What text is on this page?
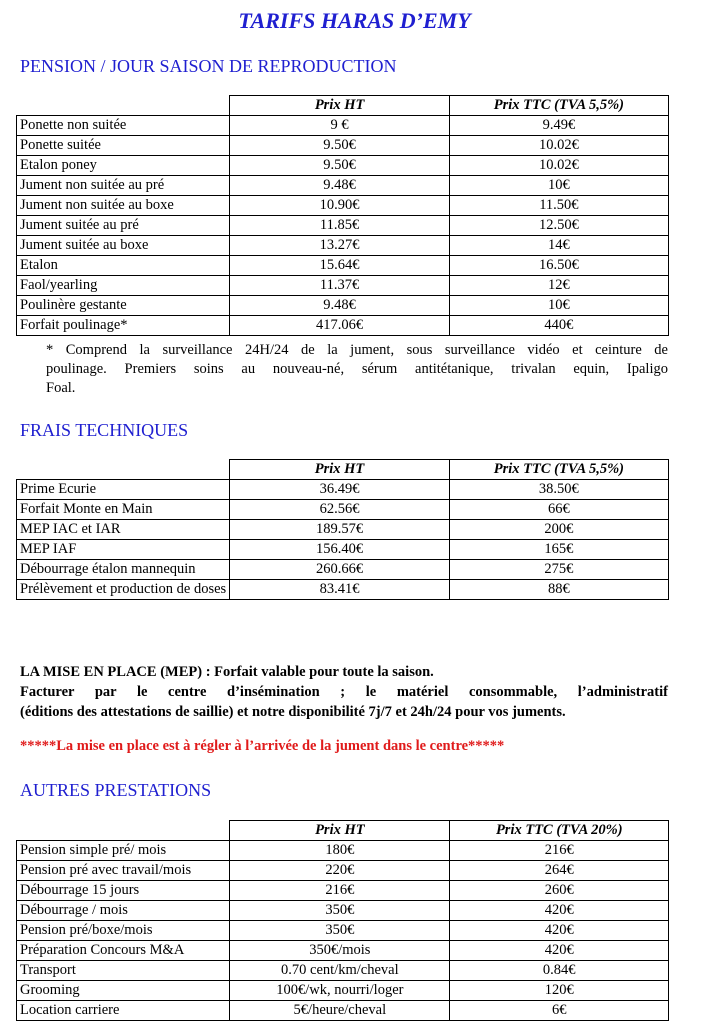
TARIFS HARAS D’EMY
PENSION / JOUR SAISON DE REPRODUCTION
	Prix HT	Prix TTC (TVA 5,5%)
Ponette non suitée	9 €	9.49€
Ponette suitée	9.50€	10.02€
Etalon poney	9.50€	10.02€
Jument non suitée au pré	9.48€	10€
Jument non suitée au boxe	10.90€	11.50€
Jument suitée au pré	11.85€	12.50€
Jument suitée au boxe	13.27€	14€
Etalon	15.64€	16.50€
Faol/yearling	11.37€	12€
Poulinère gestante	9.48€	10€
Forfait poulinage*	417.06€	440€
* Comprend la surveillance 24H/24 de la jument, sous surveillance vidéo et ceinture de
poulinage. Premiers soins au nouveau-né, sérum antitétanique, trivalan equin, Ipaligo
Foal.
FRAIS TECHNIQUES
	Prix HT	Prix TTC (TVA 5,5%)
Prime Ecurie	36.49€	38.50€
Forfait Monte en Main	62.56€	66€
MEP IAC et IAR	189.57€	200€
MEP IAF	156.40€	165€
Débourrage étalon mannequin	260.66€	275€
Prélèvement et production de doses	83.41€	88€
LA MISE EN PLACE (MEP) : Forfait valable pour toute la saison.
Facturer par le centre d’insémination ; le matériel consommable, l’administratif
(éditions des attestations de saillie) et notre disponibilité 7j/7 et 24h/24 pour vos juments.
*****La mise en place est à régler à l’arrivée de la jument dans le centre*****
AUTRES PRESTATIONS
	Prix HT	Prix TTC (TVA 20%)
Pension simple pré/ mois	180€	216€
Pension pré avec travail/mois	220€	264€
Débourrage 15 jours	216€	260€
Débourrage / mois	350€	420€
Pension pré/boxe/mois	350€	420€
Préparation Concours M&A	350€/mois	420€
Transport	0.70 cent/km/cheval	0.84€
Grooming	100€/wk, nourri/loger	120€
Location carriere	5€/heure/cheval	6€
